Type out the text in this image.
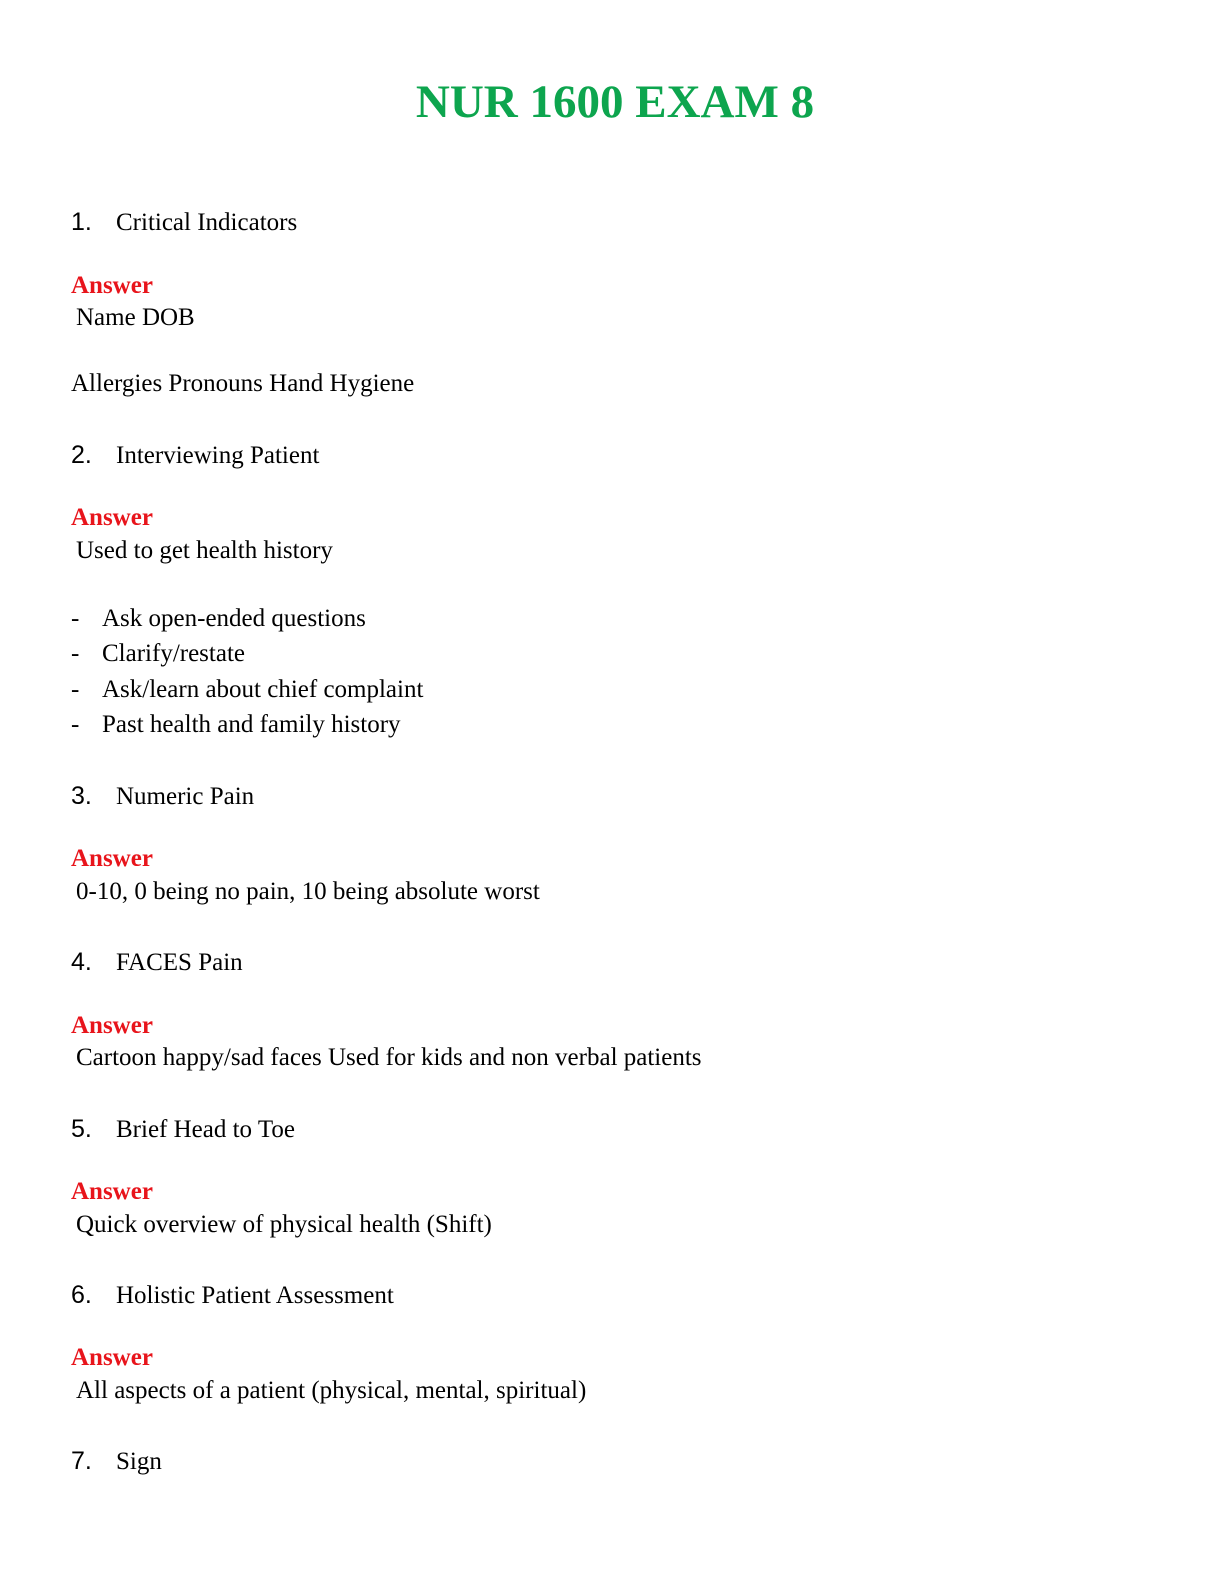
NUR 1600 EXAM 8
1. Critical Indicators
Answer
Name DOB
Allergies Pronouns Hand Hygiene
2. Interviewing Patient
Answer
Used to get health history
- Ask open-ended questions
- Clarify/restate
- Ask/learn about chief complaint
- Past health and family history
3. Numeric Pain
Answer
0-10, 0 being no pain, 10 being absolute worst
4. FACES Pain
Answer
Cartoon happy/sad faces Used for kids and non verbal patients
5. Brief Head to Toe
Answer
Quick overview of physical health (Shift)
6. Holistic Patient Assessment
Answer
All aspects of a patient (physical, mental, spiritual)
7. Sign
